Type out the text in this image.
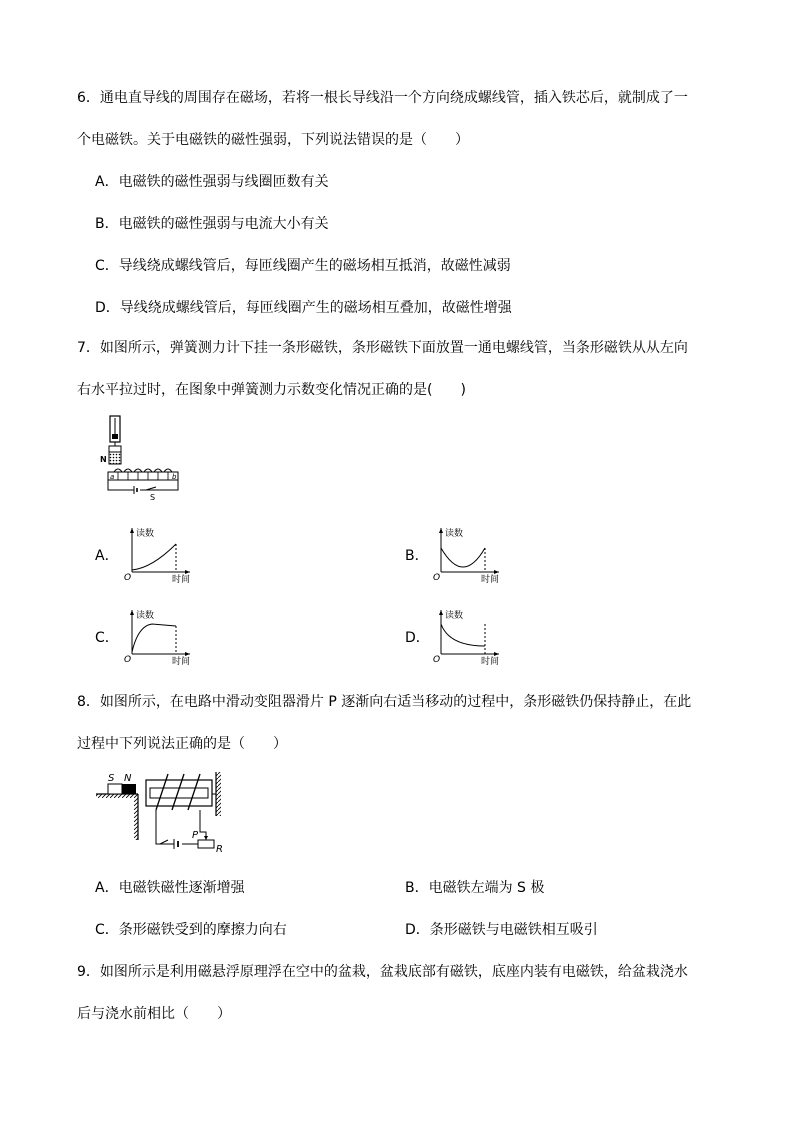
6．通电直导线的周围存在磁场，若将一根长导线沿一个方向绕成螺线管，插入铁芯后，就制成了一
个电磁铁。关于电磁铁的磁性强弱，下列说法错误的是（　　）
A．电磁铁的磁性强弱与线圈匝数有关
B．电磁铁的磁性强弱与电流大小有关
C．导线绕成螺线管后，每匝线圈产生的磁场相互抵消，故磁性减弱
D．导线绕成螺线管后，每匝线圈产生的磁场相互叠加，故磁性增强
7．如图所示，弹簧测力计下挂一条形磁铁，条形磁铁下面放置一通电螺线管，当条形磁铁从从左向
右水平拉过时，在图象中弹簧测力示数变化情况正确的是(　　)
N
a	b
S
A．
读数
时间
O
B．
读数
时间
O
C．
读数
时间
O
D．
读数
时间
O
8．如图所示，在电路中滑动变阻器滑片 P 逐渐向右适当移动的过程中，条形磁铁仍保持静止，在此
过程中下列说法正确的是（　　）
S N
P
R
A．电磁铁磁性逐渐增强	B．电磁铁左端为 S 极
C．条形磁铁受到的摩擦力向右	D．条形磁铁与电磁铁相互吸引
9．如图所示是利用磁悬浮原理浮在空中的盆栽，盆栽底部有磁铁，底座内装有电磁铁，给盆栽浇水
后与浇水前相比（　　）
